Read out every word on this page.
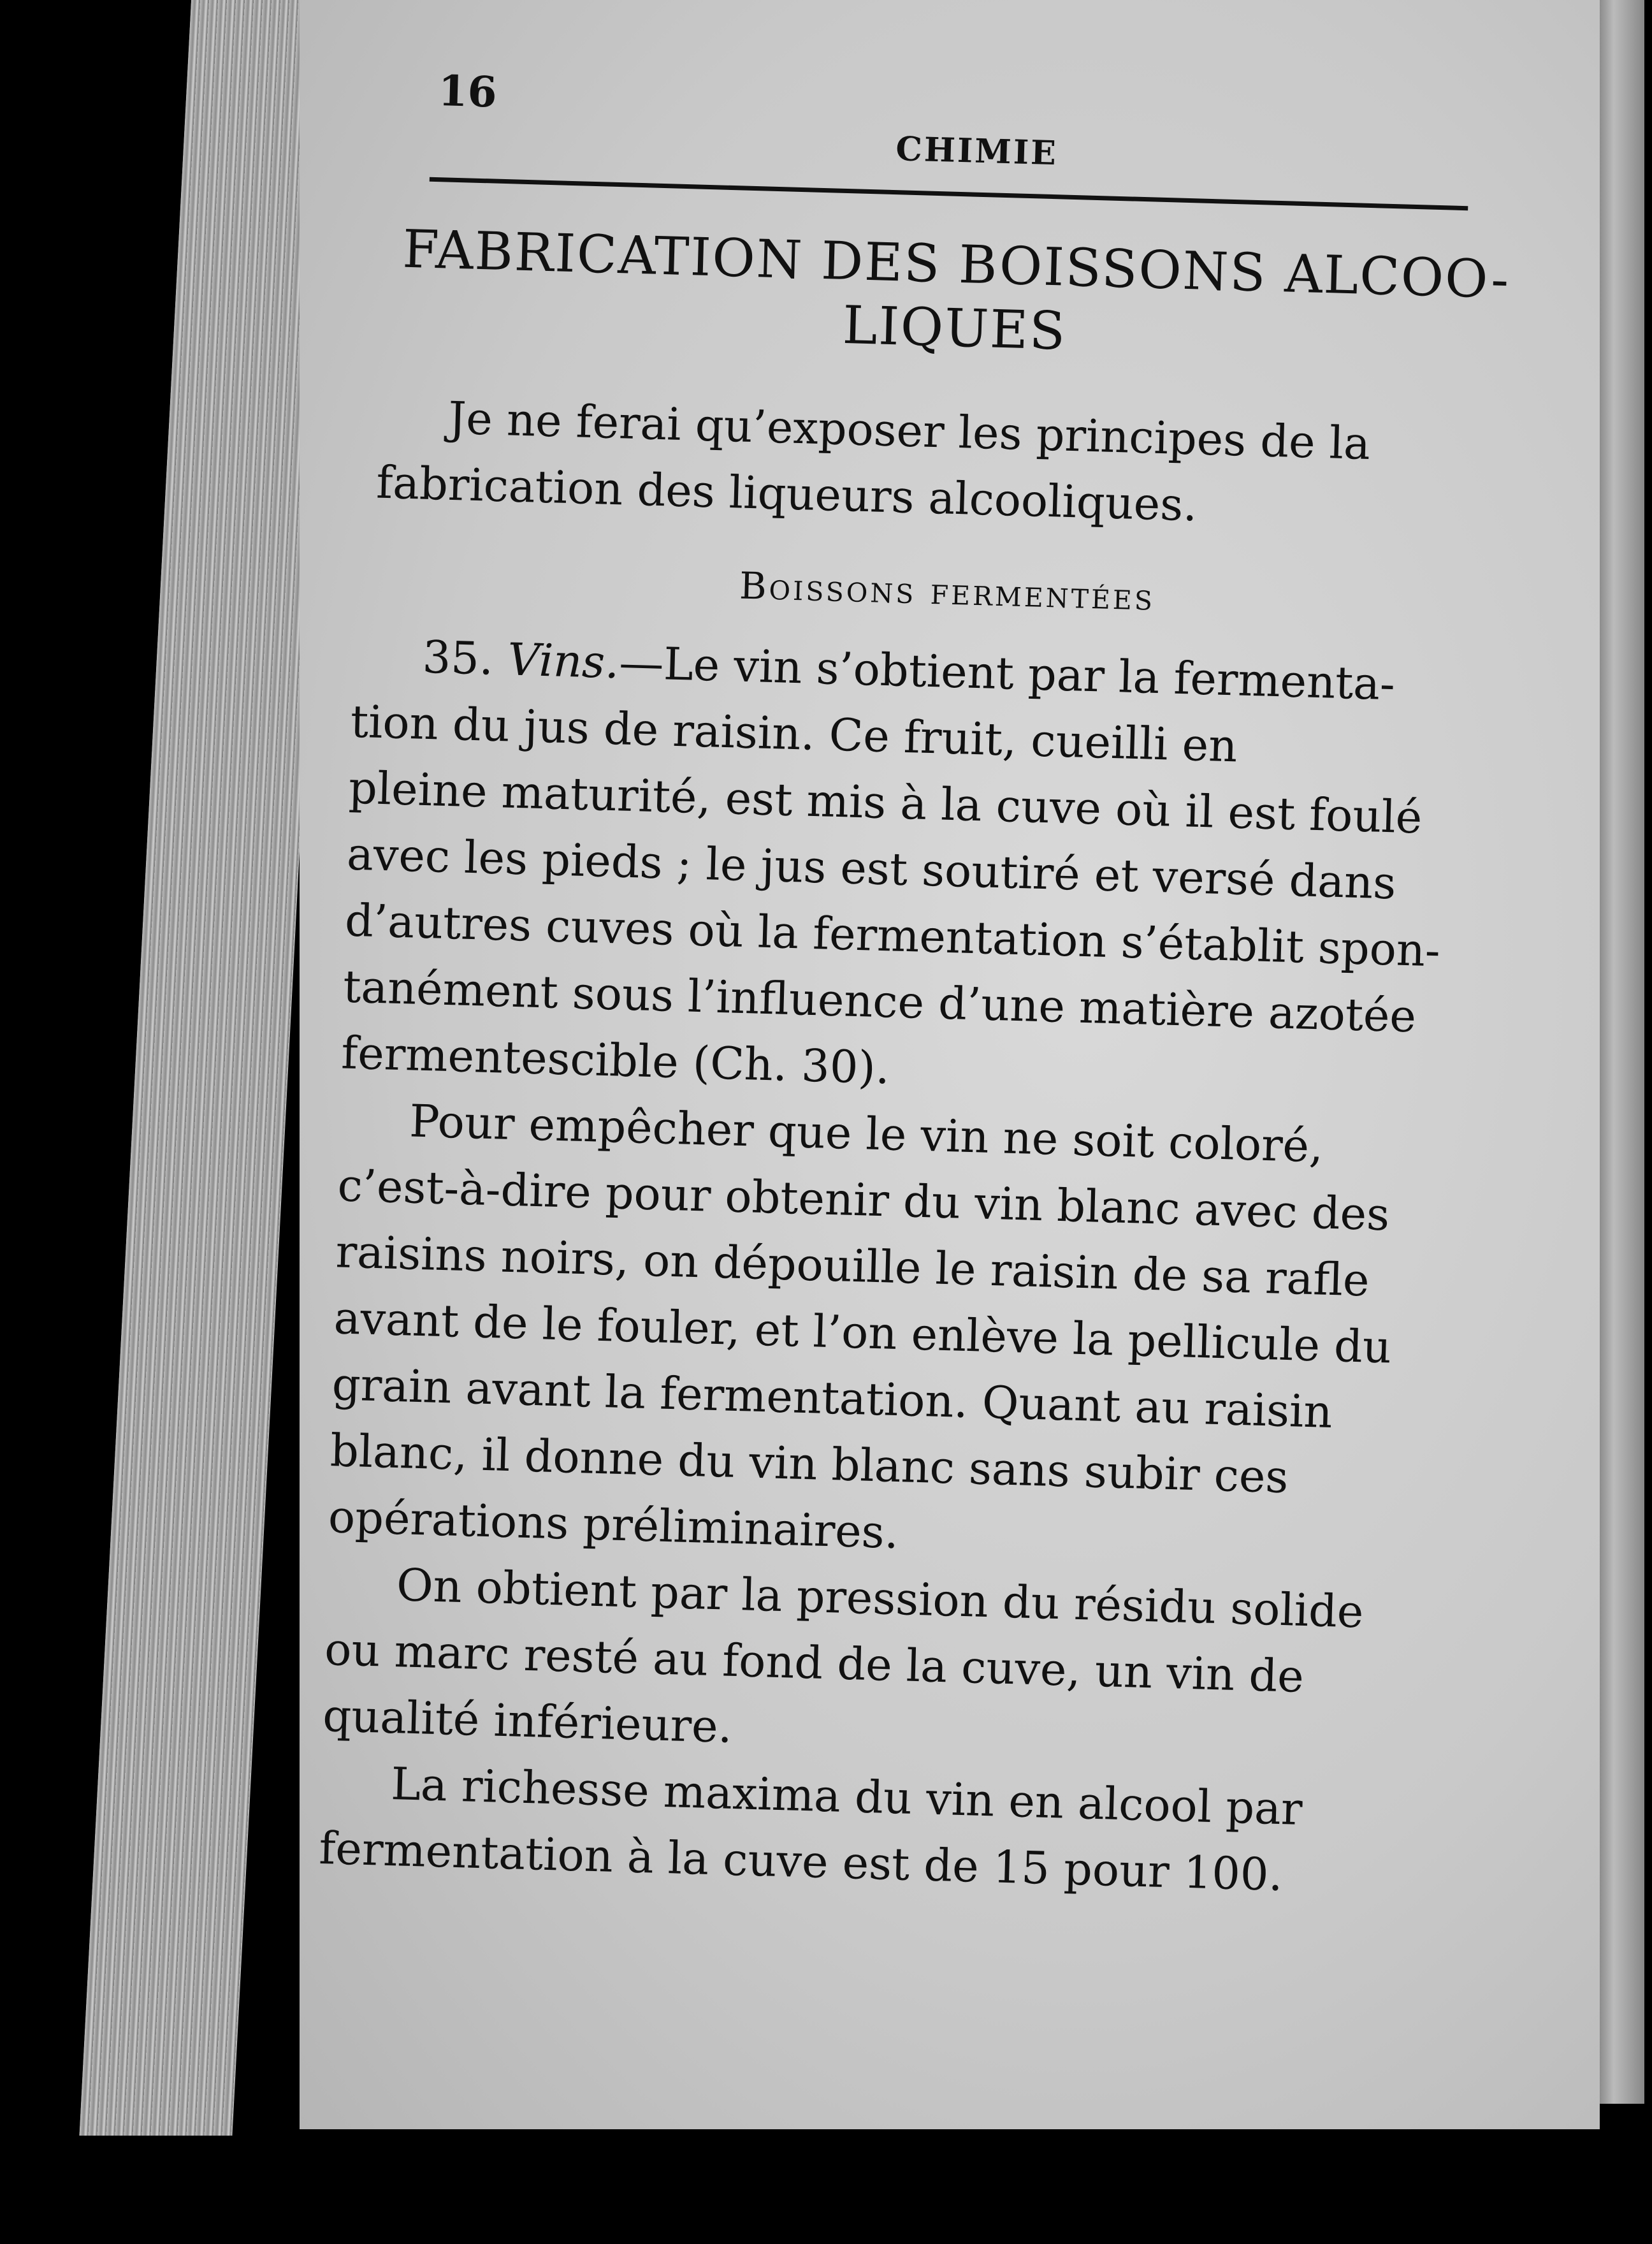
16
CHIMIE
FABRICATION DES BOISSONS ALCOO-
LIQUES
Je ne ferai qu’exposer les principes de la
fabrication des liqueurs alcooliques.
Boissons fermentées
35. Vins.—Le vin s’obtient par la fermenta-
tion du jus de raisin. Ce fruit, cueilli en
pleine maturité, est mis à la cuve où il est foulé
avec les pieds ; le jus est soutiré et versé dans
d’autres cuves où la fermentation s’établit spon-
tanément sous l’influence d’une matière azotée
fermentescible (Ch. 30).
Pour empêcher que le vin ne soit coloré,
c’est-à-dire pour obtenir du vin blanc avec des
raisins noirs, on dépouille le raisin de sa rafle
avant de le fouler, et l’on enlève la pellicule du
grain avant la fermentation. Quant au raisin
blanc, il donne du vin blanc sans subir ces
opérations préliminaires.
On obtient par la pression du résidu solide
ou marc resté au fond de la cuve, un vin de
qualité inférieure.
La richesse maxima du vin en alcool par
fermentation à la cuve est de 15 pour 100.
